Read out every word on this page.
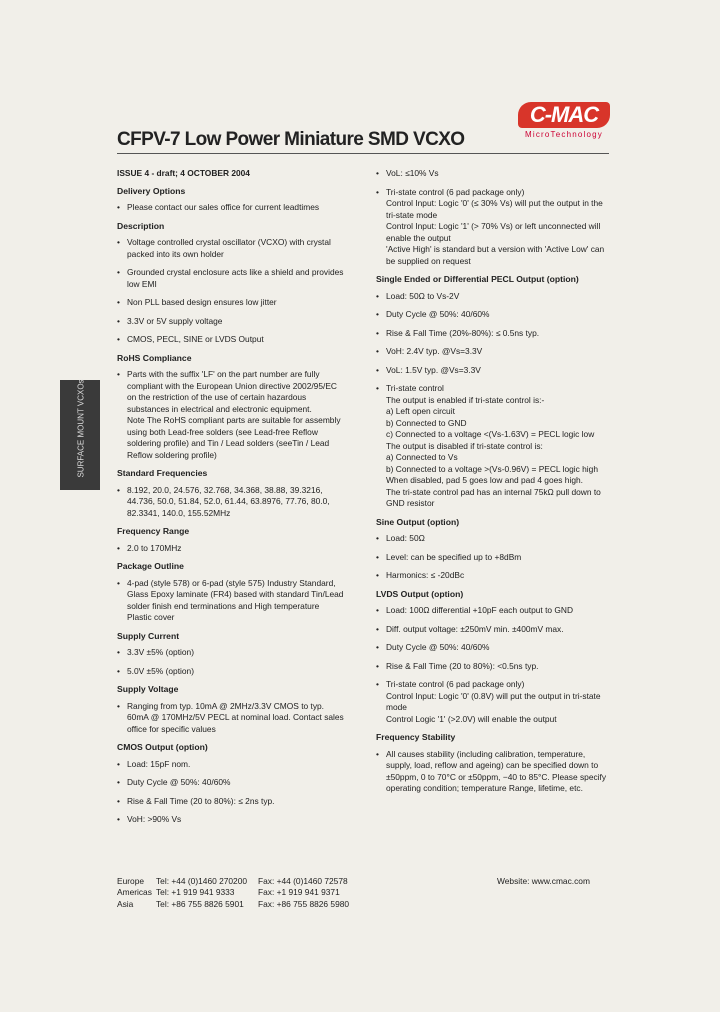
C-MAC
MicroTechnology
CFPV-7 Low Power Miniature SMD VCXO
SURFACE MOUNT VCXOs
ISSUE 4 - draft; 4 OCTOBER 2004
Delivery Options
• Please contact our sales office for current leadtimes
Description
• Voltage controlled crystal oscillator (VCXO) with crystal packed into its own holder
• Grounded crystal enclosure acts like a shield and provides low EMI
• Non PLL based design ensures low jitter
• 3.3V or 5V supply voltage
• CMOS, PECL, SINE or LVDS Output
RoHS Compliance
• Parts with the suffix 'LF' on the part number are fully compliant with the European Union directive 2002/95/EC on the restriction of the use of certain hazardous substances in electrical and electronic equipment.
Note The RoHS compliant parts are suitable for assembly using both Lead-free solders (see Lead-free Reflow soldering profile) and Tin / Lead solders (seeTin / Lead Reflow soldering profile)
Standard Frequencies
• 8.192, 20.0, 24.576, 32.768, 34.368, 38.88, 39.3216, 44.736, 50.0, 51.84, 52.0, 61.44, 63.8976, 77.76, 80.0, 82.3341, 140.0, 155.52MHz
Frequency Range
• 2.0 to 170MHz
Package Outline
• 4-pad (style 578) or 6-pad (style 575) Industry Standard, Glass Epoxy laminate (FR4) based with standard Tin/Lead solder finish end terminations and High temperature Plastic cover
Supply Current
• 3.3V ±5% (option)
• 5.0V ±5% (option)
Supply Voltage
• Ranging from typ. 10mA @ 2MHz/3.3V CMOS to typ. 60mA @ 170MHz/5V PECL at nominal load. Contact sales office for specific values
CMOS Output (option)
• Load: 15pF nom.
• Duty Cycle @ 50%: 40/60%
• Rise & Fall Time (20 to 80%): ≤ 2ns typ.
• VoH: >90% Vs
• VoL: ≤10% Vs
• Tri-state control (6 pad package only)
Control Input: Logic '0' (≤ 30% Vs) will put the output in the tri-state mode
Control Input: Logic '1' (> 70% Vs) or left unconnected will enable the output
'Active High' is standard but a version with 'Active Low' can be supplied on request
Single Ended or Differential PECL Output (option)
• Load: 50Ω to Vs-2V
• Duty Cycle @ 50%: 40/60%
• Rise & Fall Time (20%-80%): ≤ 0.5ns typ.
• VoH: 2.4V typ. @Vs=3.3V
• VoL: 1.5V typ. @Vs=3.3V
• Tri-state control
The output is enabled if tri-state control is:-
a) Left open circuit
b) Connected to GND
c) Connected to a voltage <(Vs-1.63V) = PECL logic low
The output is disabled if tri-state control is:
a) Connected to Vs
b) Connected to a voltage >(Vs-0.96V) = PECL logic high
When disabled, pad 5 goes low and pad 4 goes high.
The tri-state control pad has an internal 75kΩ pull down to GND resistor
Sine Output (option)
• Load: 50Ω
• Level: can be specified up to +8dBm
• Harmonics: ≤ -20dBc
LVDS Output (option)
• Load: 100Ω differential +10pF each output to GND
• Diff. output voltage: ±250mV min. ±400mV max.
• Duty Cycle @ 50%: 40/60%
• Rise & Fall Time (20 to 80%): <0.5ns typ.
• Tri-state control (6 pad package only)
Control Input: Logic '0' (0.8V) will put the output in tri-state mode
Control Logic '1' (>2.0V) will enable the output
Frequency Stability
• All causes stability (including calibration, temperature, supply, load, reflow and ageing) can be specified down to ±50ppm, 0 to 70°C or ±50ppm, −40 to 85°C. Please specify operating condition; temperature Range, lifetime, etc.
Europe	Tel: +44 (0)1460 270200	Fax: +44 (0)1460 72578
Americas Tel: +1 919 941 9333	Fax: +1 919 941 9371
Asia	Tel: +86 755 8826 5901	Fax: +86 755 8826 5980
Website: www.cmac.com
